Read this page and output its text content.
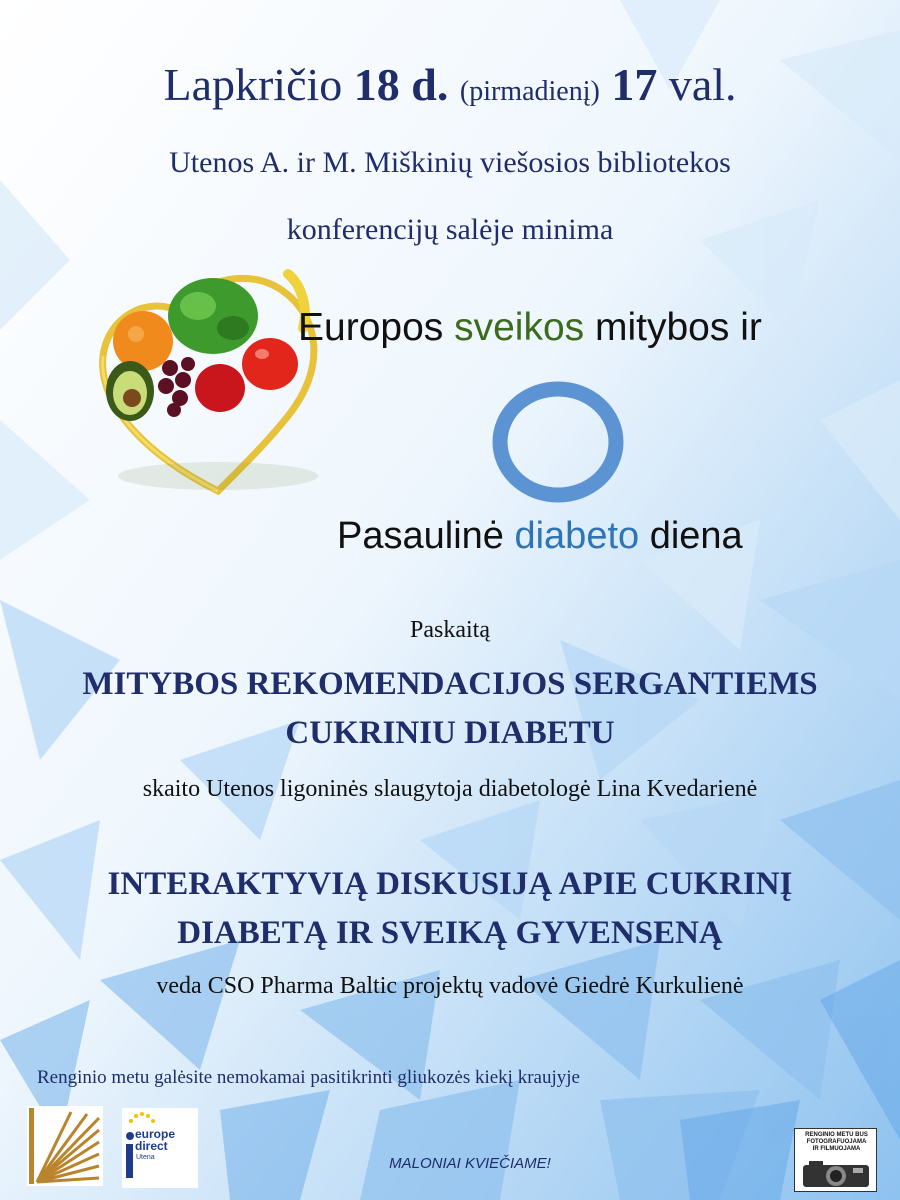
Lapkričio 18 d. (pirmadienį) 17 val.
Utenos A. ir M. Miškinių viešosios bibliotekos
konferencijų salėje minima
Europos sveikos mitybos ir
Pasaulinė diabeto diena
Paskaitą
MITYBOS REKOMENDACIJOS SERGANTIEMS
CUKRINIU DIABETU
skaito Utenos ligoninės slaugytoja diabetologė Lina Kvedarienė
INTERAKTYVIĄ DISKUSIJĄ APIE CUKRINĮ
DIABETĄ IR SVEIKĄ GYVENSENĄ
veda CSO Pharma Baltic projektų vadovė Giedrė Kurkulienė
Renginio metu galėsite nemokamai pasitikrinti gliukozės kiekį kraujyje
europe
direct
Utena	MALONIAI KVIEČIAME!
RENGINIO METU BUS
FOTOGRAFUOJAMA
IR FILMUOJAMA
